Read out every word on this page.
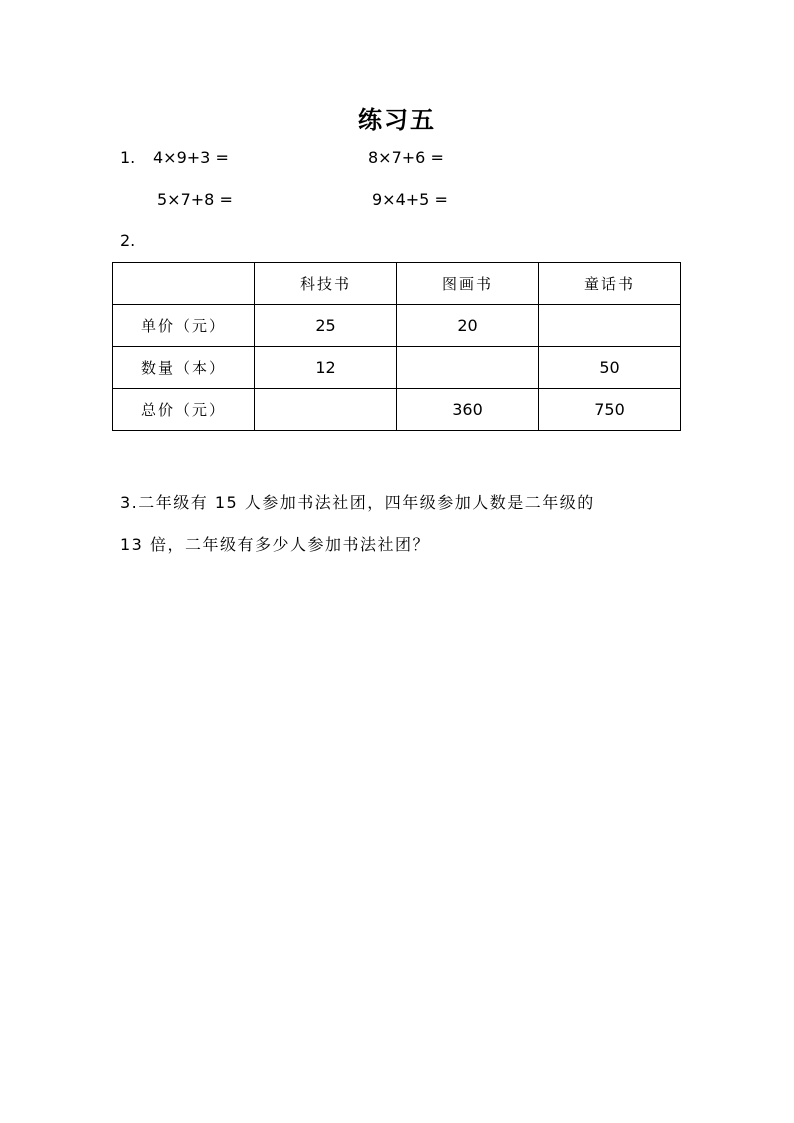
练习五
1. 4×9+3 =	8×7+6 =
5×7+8 =	9×4+5 =
2.
	科技书	图画书	童话书
单价（元）	25	20	
数量（本）	12		50
总价（元）		360	750
3.二年级有 15 人参加书法社团，四年级参加人数是二年级的
13 倍，二年级有多少人参加书法社团？
